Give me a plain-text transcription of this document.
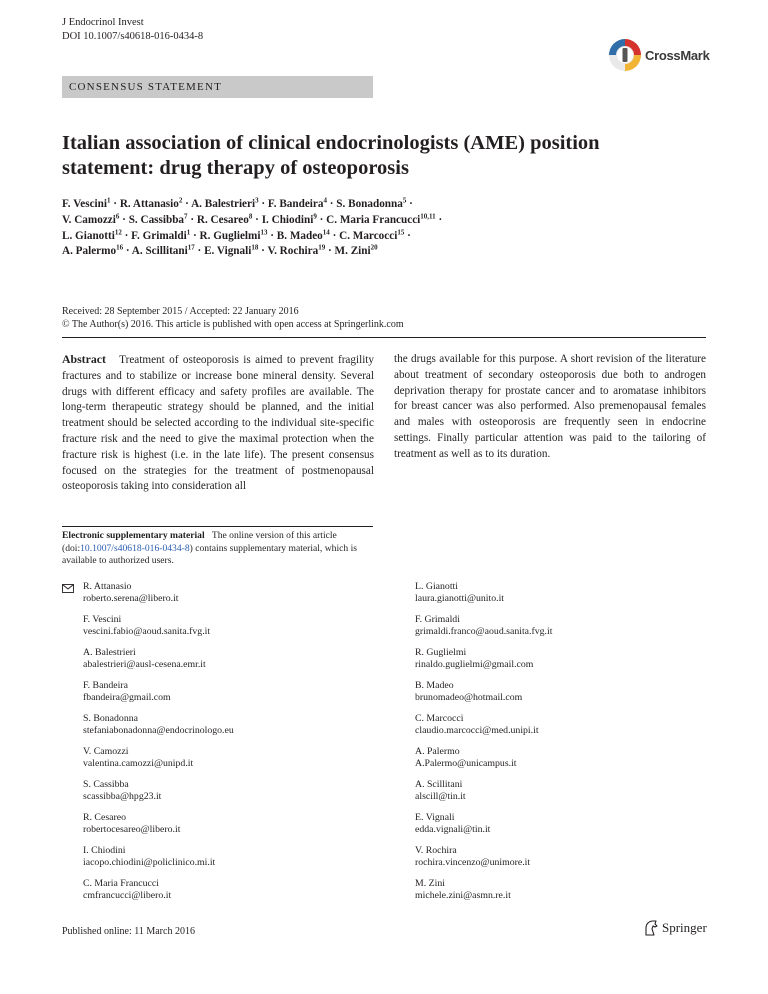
J Endocrinol Invest
DOI 10.1007/s40618-016-0434-8
CrossMark
CONSENSUS STATEMENT
Italian association of clinical endocrinologists (AME) position statement: drug therapy of osteoporosis
F. Vescini$^1$ · R. Attanasio$^2$ · A. Balestrieri$^3$ · F. Bandeira$^4$ · S. Bonadonna$^5$ ·
V. Camozzi$^6$ · S. Cassibba$^7$ · R. Cesareo$^8$ · I. Chiodini$^9$ · C. Maria Francucci$^{10,11}$ ·
L. Gianotti$^{12}$ · F. Grimaldi$^1$ · R. Guglielmi$^{13}$ · B. Madeo$^{14}$ · C. Marcocci$^{15}$ ·
A. Palermo$^{16}$ · A. Scillitani$^{17}$ · E. Vignali$^{18}$ · V. Rochira$^{19}$ · M. Zini$^{20}$
Received: 28 September 2015 / Accepted: 22 January 2016
© The Author(s) 2016. This article is published with open access at Springerlink.com
Abstract Treatment of osteoporosis is aimed to prevent fragility fractures and to stabilize or increase bone mineral density. Several drugs with different efficacy and safety profiles are available. The long-term therapeutic strategy should be planned, and the initial treatment should be selected according to the individual site-specific fracture risk and the need to give the maximal protection when the fracture risk is highest (i.e. in the late life). The present consensus focused on the strategies for the treatment of postmenopausal osteoporosis taking into consideration all
the drugs available for this purpose. A short revision of the literature about treatment of secondary osteoporosis due both to androgen deprivation therapy for prostate cancer and to aromatase inhibitors for breast cancer was also performed. Also premenopausal females and males with osteoporosis are frequently seen in endocrine settings. Finally particular attention was paid to the tailoring of treatment as well as to its duration.
Electronic supplementary material The online version of this article (doi:10.1007/s40618-016-0434-8) contains supplementary material, which is available to authorized users.
R. Attanasio
roberto.serena@libero.it
F. Vescini
vescini.fabio@aoud.sanita.fvg.it
A. Balestrieri
abalestrieri@ausl-cesena.emr.it
F. Bandeira
fbandeira@gmail.com
S. Bonadonna
stefaniabonadonna@endocrinologo.eu
V. Camozzi
valentina.camozzi@unipd.it
S. Cassibba
scassibba@hpg23.it
R. Cesareo
robertocesareo@libero.it
I. Chiodini
iacopo.chiodini@policlinico.mi.it
C. Maria Francucci
cmfrancucci@libero.it
L. Gianotti
laura.gianotti@unito.it
F. Grimaldi
grimaldi.franco@aoud.sanita.fvg.it
R. Guglielmi
rinaldo.guglielmi@gmail.com
B. Madeo
brunomadeo@hotmail.com
C. Marcocci
claudio.marcocci@med.unipi.it
A. Palermo
A.Palermo@unicampus.it
A. Scillitani
alscill@tin.it
E. Vignali
edda.vignali@tin.it
V. Rochira
rochira.vincenzo@unimore.it
M. Zini
michele.zini@asmn.re.it
Published online: 11 March 2016	Springer
